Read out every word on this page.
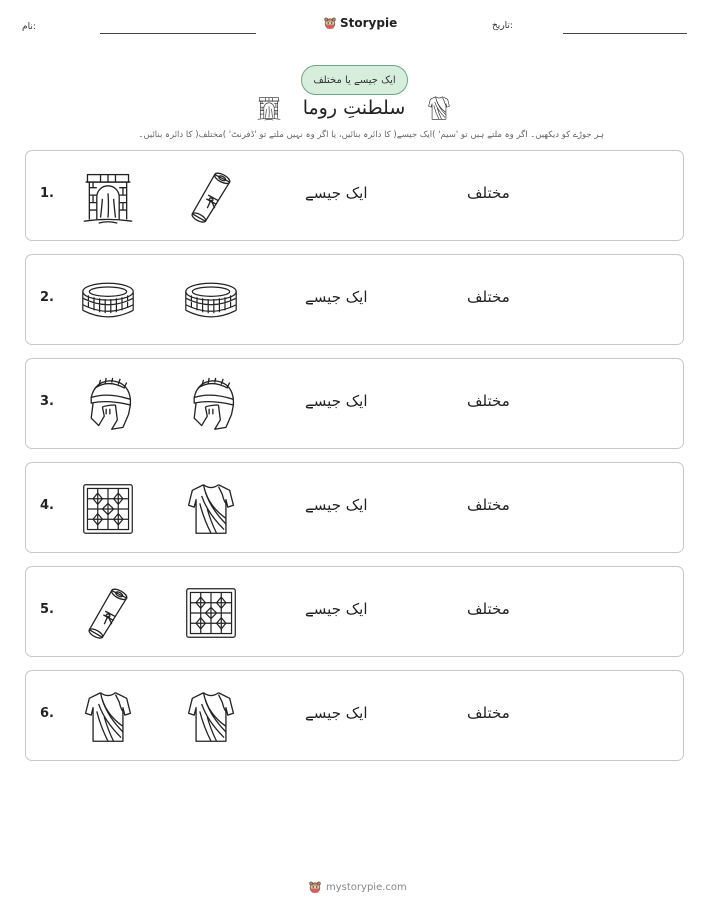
نام:	Storypie	تاریخ:
ایک جیسے یا مختلف
سلطنتِ روما
ہر جوڑے کو دیکھیں۔ اگر وہ ملتے ہیں تو 'سیم' )ایک جیسے( کا دائرہ بنائیں، یا اگر وہ نہیں ملتے تو 'ڈفرنٹ' )مختلف( کا دائرہ بنائیں۔
1.	ایک جیسے	مختلف
2.	ایک جیسے	مختلف
3.	ایک جیسے	مختلف
4.	ایک جیسے	مختلف
5.	ایک جیسے	مختلف
6.	ایک جیسے	مختلف
mystorypie.com
